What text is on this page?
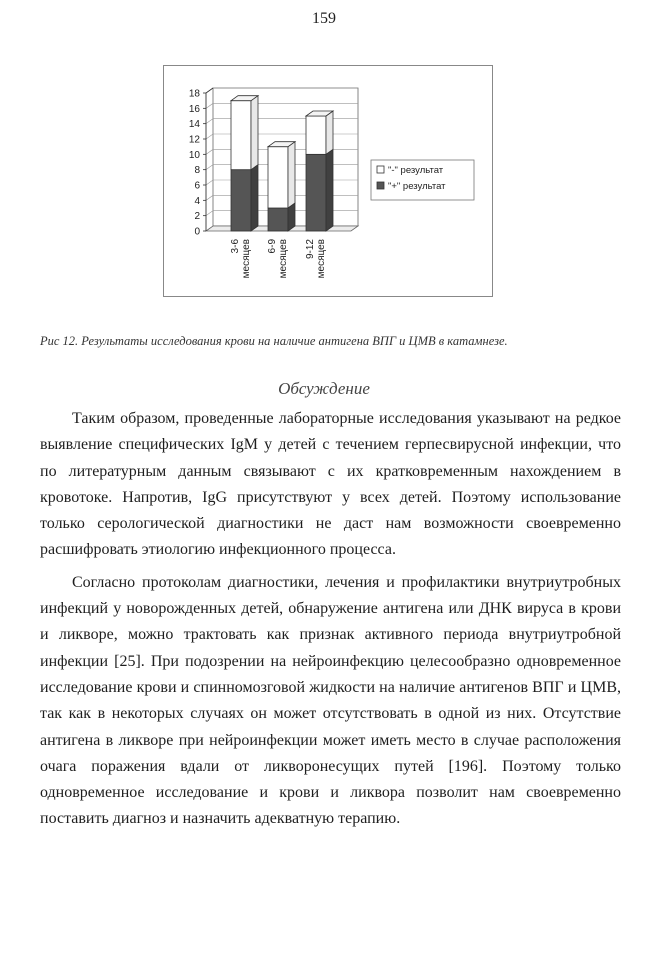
159
0
2
4
6
8
10
12
14
16
18
3-6месяцев 6-9месяцев 9-12месяцев
"-" результат
"+" результат
Рис 12. Результаты исследования крови на наличие антигена ВПГ и ЦМВ в катамнезе.
Обсуждение

Таким образом, проведенные лабораторные исследования указывают на редкое выявление специфических IgM у детей с течением герпесвирусной инфекции, что по литературным данным связывают с их кратковременным нахождением в кровотоке. Напротив, IgG присутствуют у всех детей. Поэтому использование только серологической диагностики не даст нам возможности своевременно расшифровать этиологию инфекционного процесса.

Согласно протоколам диагностики, лечения и профилактики внутриутробных инфекций у новорожденных детей, обнаружение антигена или ДНК вируса в крови и ликворе, можно трактовать как признак активного периода внутриутробной инфекции [25]. При подозрении на нейроинфекцию целесообразно одновременное исследование крови и спинномозговой жидкости на наличие антигенов ВПГ и ЦМВ, так как в некоторых случаях он может отсутствовать в одной из них. Отсутствие антигена в ликворе при нейроинфекции может иметь место в случае расположения очага поражения вдали от ликворонесущих путей [196]. Поэтому только одновременное исследование и крови и ликвора позволит нам своевременно поставить диагноз и назначить адекватную терапию.
